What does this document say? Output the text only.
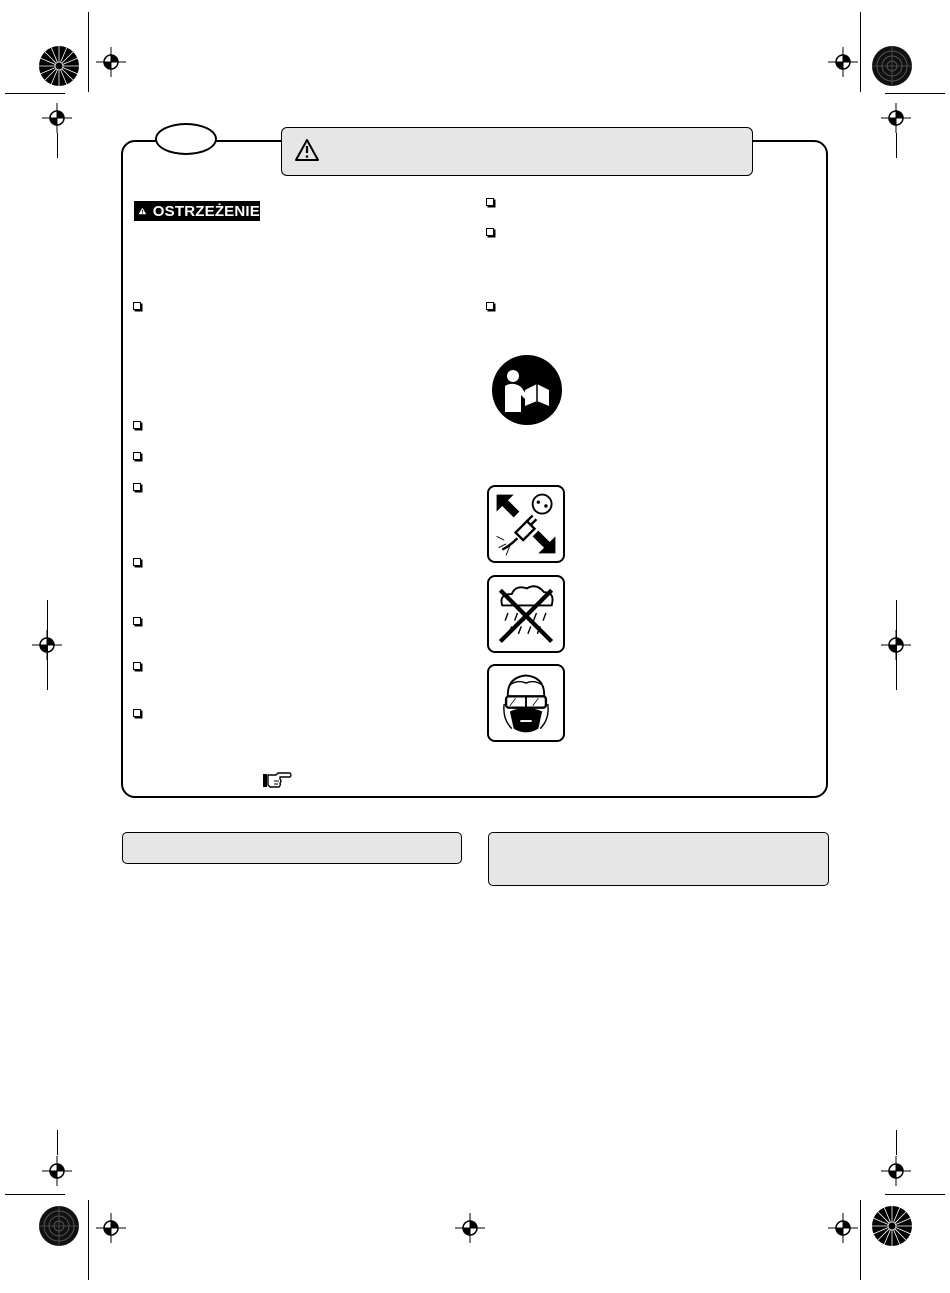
OSTRZEŻENIE
